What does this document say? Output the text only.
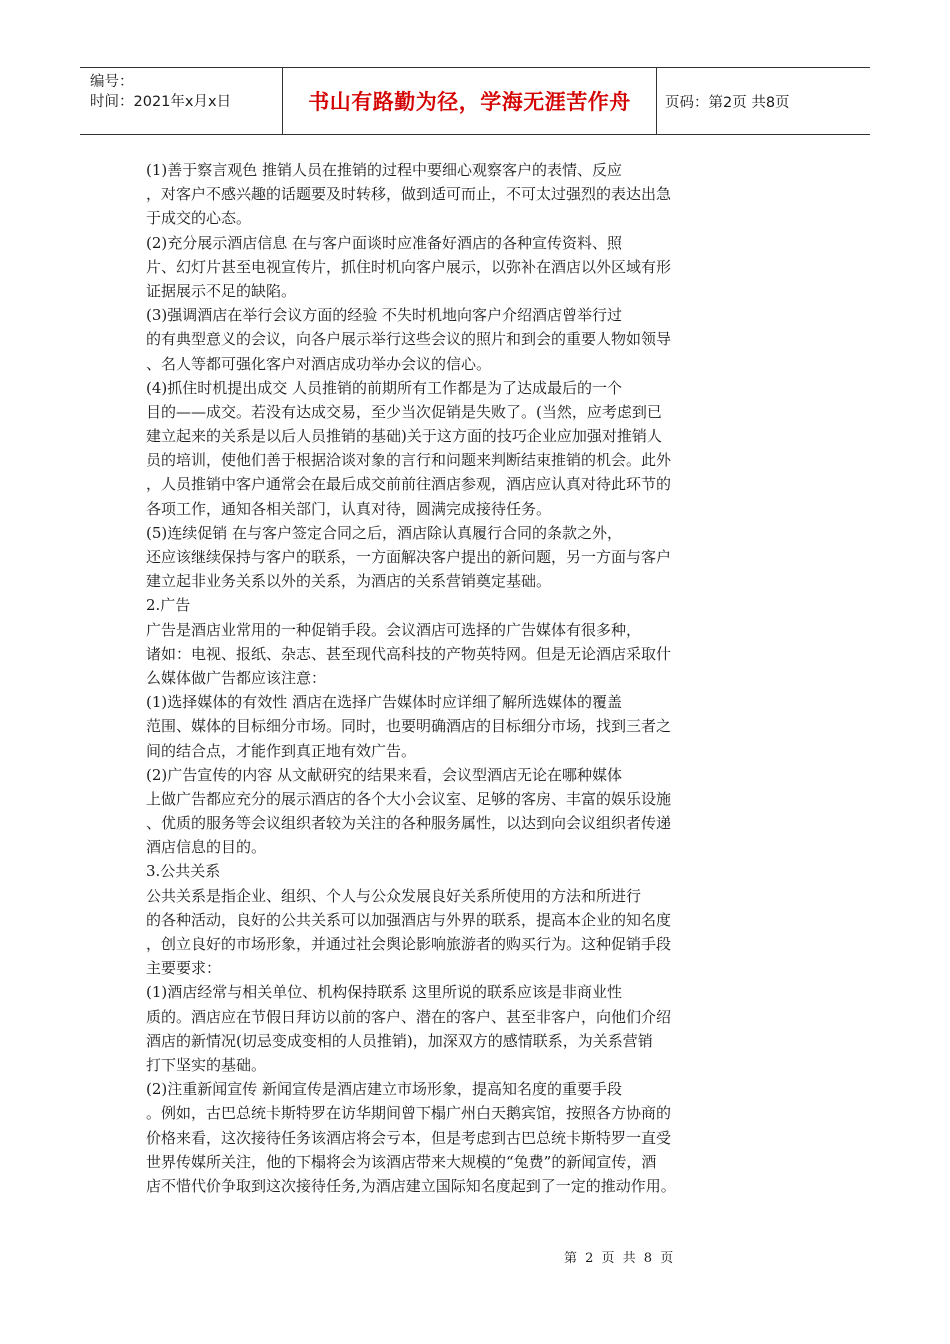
编号：
时间：2021年x月x日	书山有路勤为径，学海无涯苦作舟	页码：第2页 共8页
(1)善于察言观色 推销人员在推销的过程中要细心观察客户的表情、反应
，对客户不感兴趣的话题要及时转移，做到适可而止，不可太过强烈的表达出急
于成交的心态。
(2)充分展示酒店信息 在与客户面谈时应准备好酒店的各种宣传资料、照
片、幻灯片甚至电视宣传片，抓住时机向客户展示，以弥补在酒店以外区域有形
证据展示不足的缺陷。
(3)强调酒店在举行会议方面的经验 不失时机地向客户介绍酒店曾举行过
的有典型意义的会议，向各户展示举行这些会议的照片和到会的重要人物如领导
、名人等都可强化客户对酒店成功举办会议的信心。
(4)抓住时机提出成交 人员推销的前期所有工作都是为了达成最后的一个
目的——成交。若没有达成交易，至少当次促销是失败了。(当然，应考虑到已
建立起来的关系是以后人员推销的基础)关于这方面的技巧企业应加强对推销人
员的培训，使他们善于根据洽谈对象的言行和问题来判断结束推销的机会。此外
，人员推销中客户通常会在最后成交前前往酒店参观，酒店应认真对待此环节的
各项工作，通知各相关部门，认真对待，圆满完成接待任务。
(5)连续促销 在与客户签定合同之后，酒店除认真履行合同的条款之外，
还应该继续保持与客户的联系，一方面解决客户提出的新问题，另一方面与客户
建立起非业务关系以外的关系，为酒店的关系营销奠定基础。
2.广告
广告是酒店业常用的一种促销手段。会议酒店可选择的广告媒体有很多种，
诸如：电视、报纸、杂志、甚至现代高科技的产物英特网。但是无论酒店采取什
么媒体做广告都应该注意：
(1)选择媒体的有效性 酒店在选择广告媒体时应详细了解所选媒体的覆盖
范围、媒体的目标细分市场。同时，也要明确酒店的目标细分市场，找到三者之
间的结合点，才能作到真正地有效广告。
(2)广告宣传的内容 从文献研究的结果来看，会议型酒店无论在哪种媒体
上做广告都应充分的展示酒店的各个大小会议室、足够的客房、丰富的娱乐设施
、优质的服务等会议组织者较为关注的各种服务属性，以达到向会议组织者传递
酒店信息的目的。
3.公共关系
公共关系是指企业、组织、个人与公众发展良好关系所使用的方法和所进行
的各种活动，良好的公共关系可以加强酒店与外界的联系，提高本企业的知名度
，创立良好的市场形象，并通过社会舆论影响旅游者的购买行为。这种促销手段
主要要求：
(1)酒店经常与相关单位、机构保持联系 这里所说的联系应该是非商业性
质的。酒店应在节假日拜访以前的客户、潜在的客户、甚至非客户，向他们介绍
酒店的新情况(切忌变成变相的人员推销)，加深双方的感情联系，为关系营销
打下坚实的基础。
(2)注重新闻宣传 新闻宣传是酒店建立市场形象，提高知名度的重要手段
。例如，古巴总统卡斯特罗在访华期间曾下榻广州白天鹅宾馆，按照各方协商的
价格来看，这次接待任务该酒店将会亏本，但是考虑到古巴总统卡斯特罗一直受
世界传媒所关注，他的下榻将会为该酒店带来大规模的“兔费”的新闻宣传，酒
店不惜代价争取到这次接待任务,为酒店建立国际知名度起到了一定的推动作用。
第 2 页 共 8 页
